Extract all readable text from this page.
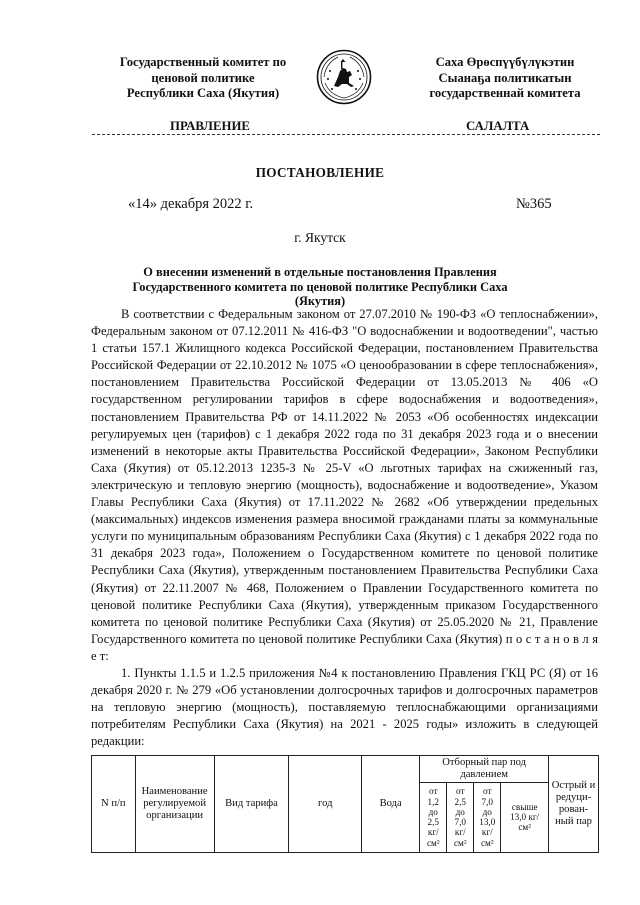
Государственный комитет по
ценовой политике
Республики Саха (Якутия)
Саха Өрөспүүбүлүкэтин
Сыанаҕа политикатын
государственнай комитета
ПРАВЛЕНИЕ	САЛАЛТА
ПОСТАНОВЛЕНИЕ
«14» декабря 2022 г.	№365
г. Якутск
О внесении изменений в отдельные постановления Правления
Государственного комитета по ценовой политике Республики Саха (Якутия)

В соответствии с Федеральным законом от 27.07.2010 № 190-ФЗ «О теплоснабжении», Федеральным законом от 07.12.2011 № 416-ФЗ "О водоснабжении и водоотведении", частью 1 статьи 157.1 Жилищного кодекса Российской Федерации, постановлением Правительства Российской Федерации от 22.10.2012 № 1075 «О ценообразовании в сфере теплоснабжения», постановлением Правительства Российской Федерации от 13.05.2013 № 406 «О государственном регулировании тарифов в сфере водоснабжения и водоотведения», постановлением Правительства РФ от 14.11.2022 № 2053 «Об особенностях индексации регулируемых цен (тарифов) с 1 декабря 2022 года по 31 декабря 2023 года и о внесении изменений в некоторые акты Правительства Российской Федерации», Законом Республики Саха (Якутия) от 05.12.2013 1235-З № 25-V «О льготных тарифах на сжиженный газ, электрическую и тепловую энергию (мощность), водоснабжение и водоотведение», Указом Главы Республики Саха (Якутия) от 17.11.2022 № 2682 «Об утверждении предельных (максимальных) индексов изменения размера вносимой гражданами платы за коммунальные услуги по муниципальным образованиям Республики Саха (Якутия) с 1 декабря 2022 года по 31 декабря 2023 года», Положением о Государственном комитете по ценовой политике Республики Саха (Якутия), утвержденным постановлением Правительства Республики Саха (Якутия) от 22.11.2007 № 468, Положением о Правлении Государственного комитета по ценовой политике Республики Саха (Якутия), утвержденным приказом Государственного комитета по ценовой политике Республики Саха (Якутия) от 25.05.2020 № 21, Правление Государственного комитета по ценовой политике Республики Саха (Якутия) п о с т а н о в л я е т:

1. Пункты 1.1.5 и 1.2.5 приложения №4 к постановлению Правления ГКЦ РС (Я) от 16 декабря 2020 г. № 279 «Об установлении долгосрочных тарифов и долгосрочных параметров на тепловую энергию (мощность), поставляемую теплоснабжающими организациями потребителям Республики Саха (Якутия) на 2021 - 2025 годы» изложить в следующей редакции:

N п/п	Наименование регулируемой организации	Вид тарифа	год	Вода	Отборный пар под давлением				Острый и редуци-рован-ный пар
					от 1,2 до 2,5 кг/ см²	от 2,5 до 7,0 кг/ см²	от 7,0 до 13,0 кг/ см²	свыше 13,0 кг/ см²	
